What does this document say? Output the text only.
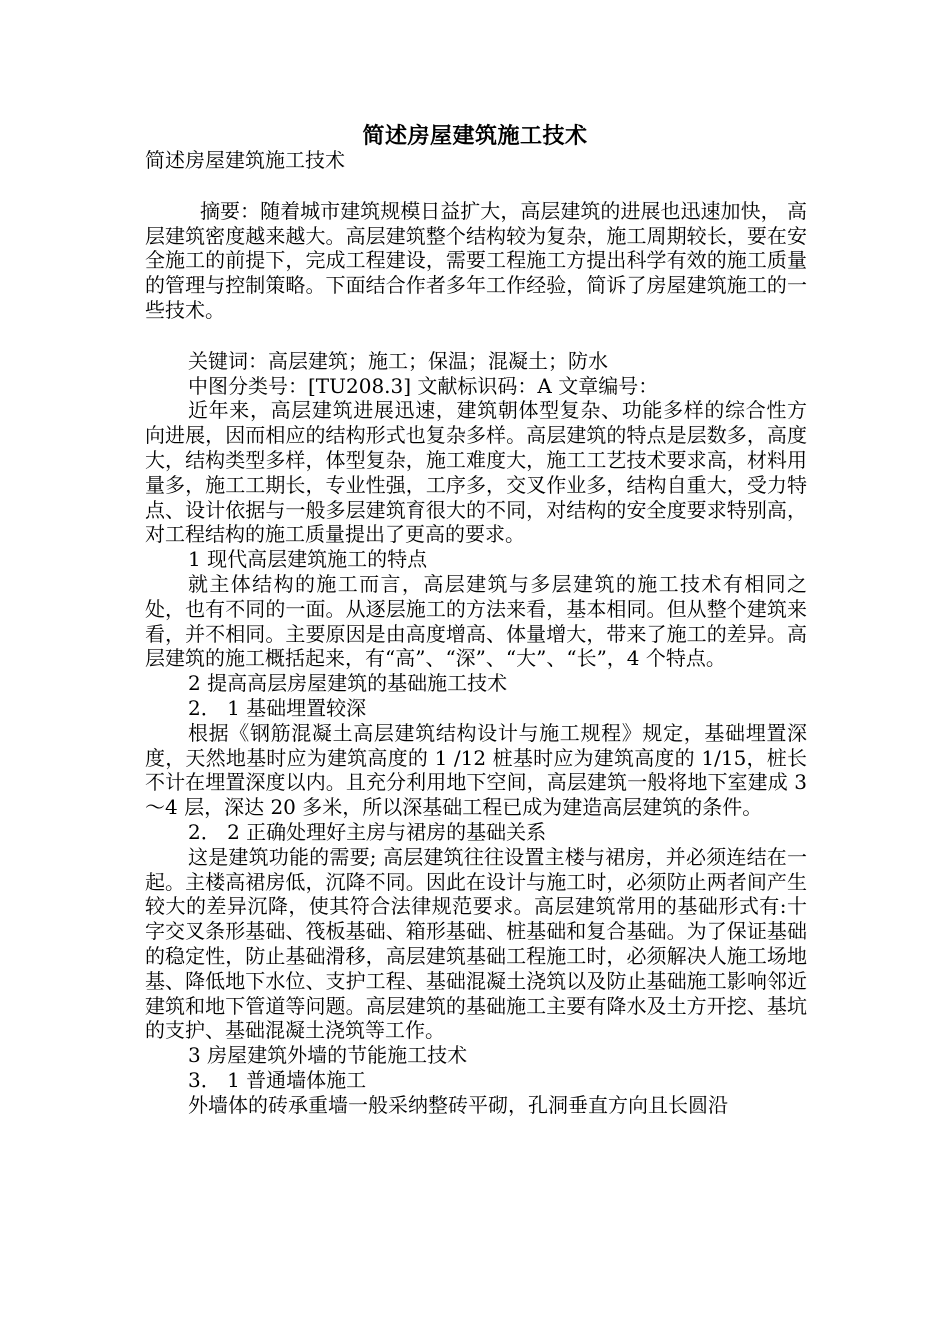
简述房屋建筑施工技术

简述房屋建筑施工技术

摘要：随着城市建筑规模日益扩大，高层建筑的进展也迅速加快， 高层建筑密度越来越大。高层建筑整个结构较为复杂，施工周期较长，要在安全施工的前提下，完成工程建设，需要工程施工方提出科学有效的施工质量的管理与控制策略。下面结合作者多年工作经验，简诉了房屋建筑施工的一些技术。

关键词：高层建筑；施工；保温；混凝土；防水

中图分类号：[TU208.3] 文献标识码：A 文章编号：

近年来，高层建筑进展迅速，建筑朝体型复杂、功能多样的综合性方向进展，因而相应的结构形式也复杂多样。高层建筑的特点是层数多，高度大，结构类型多样，体型复杂，施工难度大，施工工艺技术要求高，材料用量多，施工工期长，专业性强，工序多，交叉作业多，结构自重大，受力特点、设计依据与一般多层建筑育很大的不同，对结构的安全度要求特别高，对工程结构的施工质量提出了更高的要求。

1 现代高层建筑施工的特点

就主体结构的施工而言，高层建筑与多层建筑的施工技术有相同之处，也有不同的一面。从逐层施工的方法来看，基本相同。但从整个建筑来看，并不相同。主要原因是由高度增高、体量增大，带来了施工的差异。高层建筑的施工概括起来，有“高”、“深”、“大”、“长”，4 个特点。

2 提高高层房屋建筑的基础施工技术

2． 1 基础埋置较深

根据《钢筋混凝土高层建筑结构设计与施工规程》规定，基础埋置深度，天然地基时应为建筑高度的 1 /12 桩基时应为建筑高度的 1/15，桩长不计在埋置深度以内。且充分利用地下空间，高层建筑一般将地下室建成 3～4 层，深达 20 多米，所以深基础工程已成为建造高层建筑的条件。

2． 2 正确处理好主房与裙房的基础关系

这是建筑功能的需要; 高层建筑往往设置主楼与裙房，并必须连结在一起。主楼高裙房低，沉降不同。因此在设计与施工时，必须防止两者间产生较大的差异沉降，使其符合法律规范要求。高层建筑常用的基础形式有:十字交叉条形基础、筏板基础、箱形基础、桩基础和复合基础。为了保证基础的稳定性，防止基础滑移，高层建筑基础工程施工时，必须解决人施工场地基、降低地下水位、支护工程、基础混凝土浇筑以及防止基础施工影响邻近建筑和地下管道等问题。高层建筑的基础施工主要有降水及土方开挖、基坑的支护、基础混凝土浇筑等工作。

3 房屋建筑外墙的节能施工技术

3． 1 普通墙体施工

外墙体的砖承重墙一般采纳整砖平砌，孔洞垂直方向且长圆沿
